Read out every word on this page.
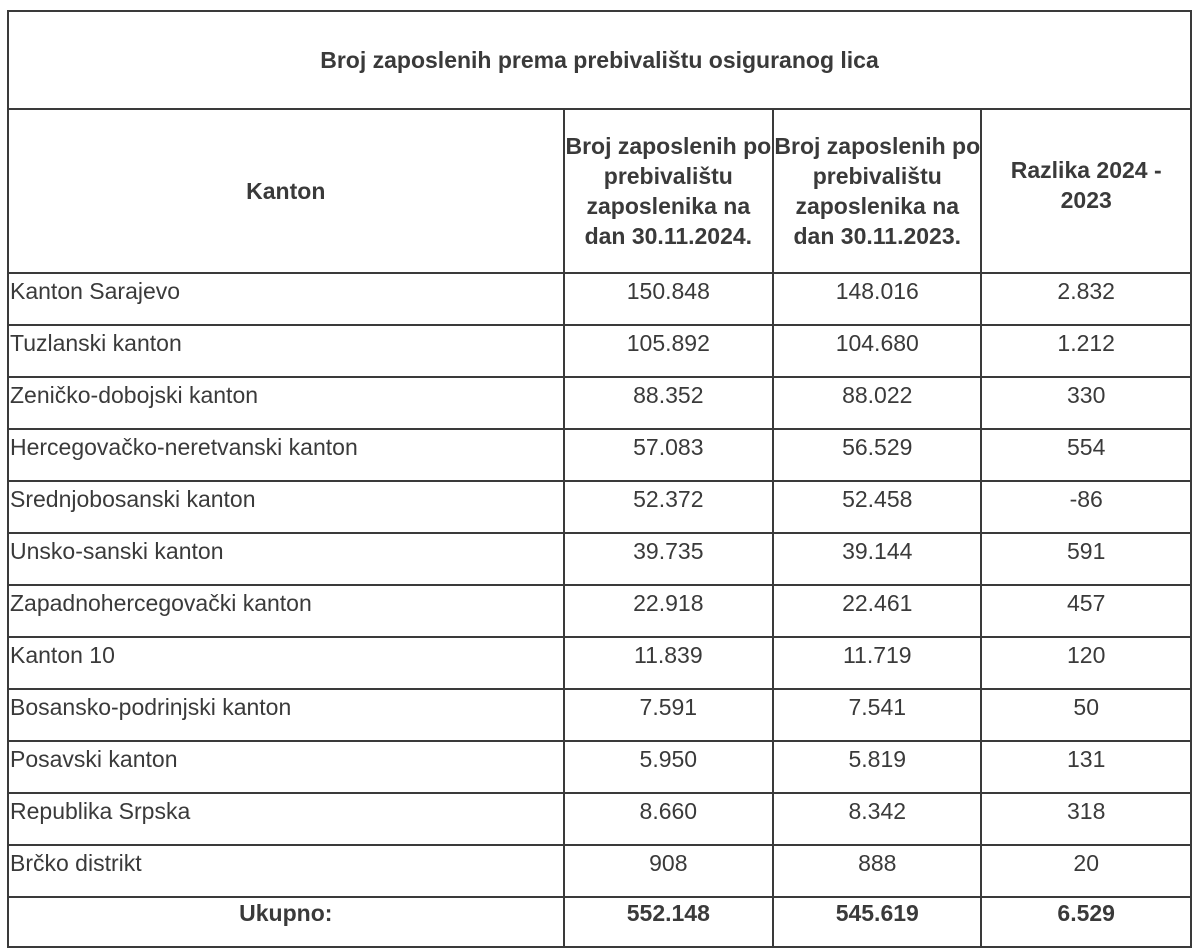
Broj zaposlenih prema prebivalištu osiguranog lica			
Kanton	Broj zaposlenih po prebivalištu zaposlenika na dan 30.11.2024.	Broj zaposlenih po prebivalištu zaposlenika na dan 30.11.2023.	Razlika 2024 - 2023
Kanton Sarajevo	150.848	148.016	2.832
Tuzlanski kanton	105.892	104.680	1.212
Zeničko-dobojski kanton	88.352	88.022	330
Hercegovačko-neretvanski kanton	57.083	56.529	554
Srednjobosanski kanton	52.372	52.458	-86
Unsko-sanski kanton	39.735	39.144	591
Zapadnohercegovački kanton	22.918	22.461	457
Kanton 10	11.839	11.719	120
Bosansko-podrinjski kanton	7.591	7.541	50
Posavski kanton	5.950	5.819	131
Republika Srpska	8.660	8.342	318
Brčko distrikt	908	888	20
Ukupno:	552.148	545.619	6.529
